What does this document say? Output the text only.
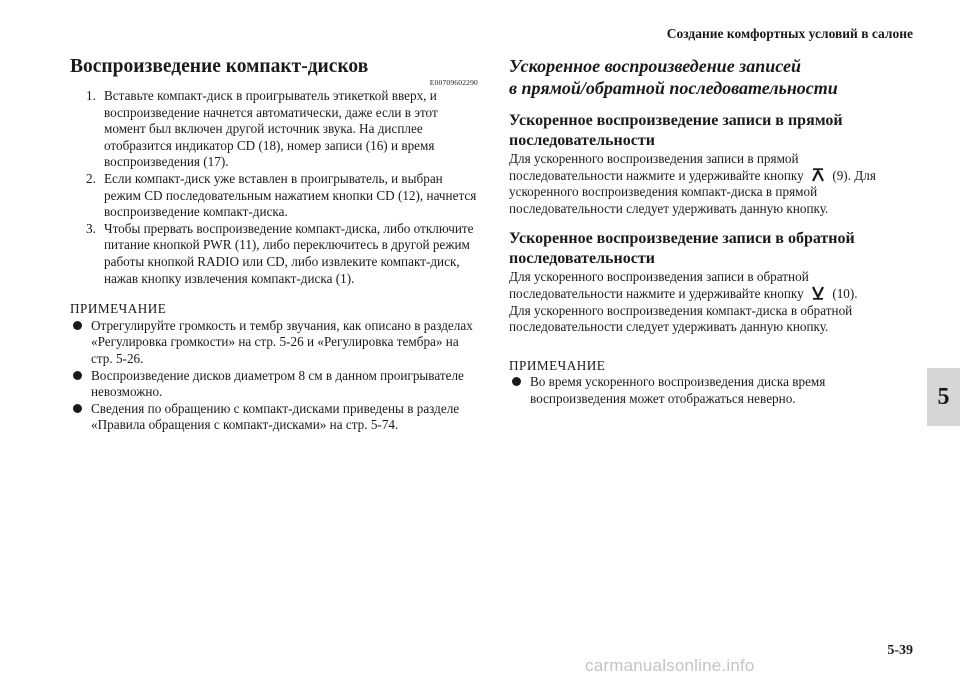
Создание комфортных условий в салоне
Воспроизведение компакт-дисков
E00709602290
1. Вставьте компакт-диск в проигрыватель этикеткой вверх, и воспроизведение начнется автоматически, даже если в этот момент был включен другой источник звука. На дисплее отобразится индикатор CD (18), номер записи (16) и время воспроизведения (17).
2. Если компакт-диск уже вставлен в проигрыватель, и выбран режим CD последовательным нажатием кнопки CD (12), начнется воспроизведение компакт-диска.
3. Чтобы прервать воспроизведение компакт-диска, либо отключите питание кнопкой PWR (11), либо переключитесь в другой режим работы кнопкой RADIO или CD, либо извлеките компакт-диск, нажав кнопку извлечения компакт-диска (1).
ПРИМЕЧАНИЕ
Отрегулируйте громкость и тембр звучания, как описано в разделах «Регулировка громкости» на стр. 5-26 и «Регулировка тембра» на стр. 5-26.
Воспроизведение дисков диаметром 8 см в данном проигрывателе невозможно.
Сведения по обращению с компакт-дисками приведены в разделе «Правила обращения с компакт-дисками» на стр. 5-74.
Ускоренное воспроизведение записей
в прямой/обратной последовательности
Ускоренное воспроизведение записи в прямой последовательности
Для ускоренного воспроизведения записи в прямой последовательности нажмите и удерживайте кнопку (9). Для ускоренного воспроизведения компакт-диска в прямой последовательности следует удерживать данную кнопку.
Ускоренное воспроизведение записи в обратной последовательности
Для ускоренного воспроизведения записи в обратной последовательности нажмите и удерживайте кнопку (10). Для ускоренного воспроизведения компакт-диска в обратной последовательности следует удерживать данную кнопку.
ПРИМЕЧАНИЕ
Во время ускоренного воспроизведения диска время воспроизведения может отображаться неверно.	5
5-39
carmanualsonline.info
